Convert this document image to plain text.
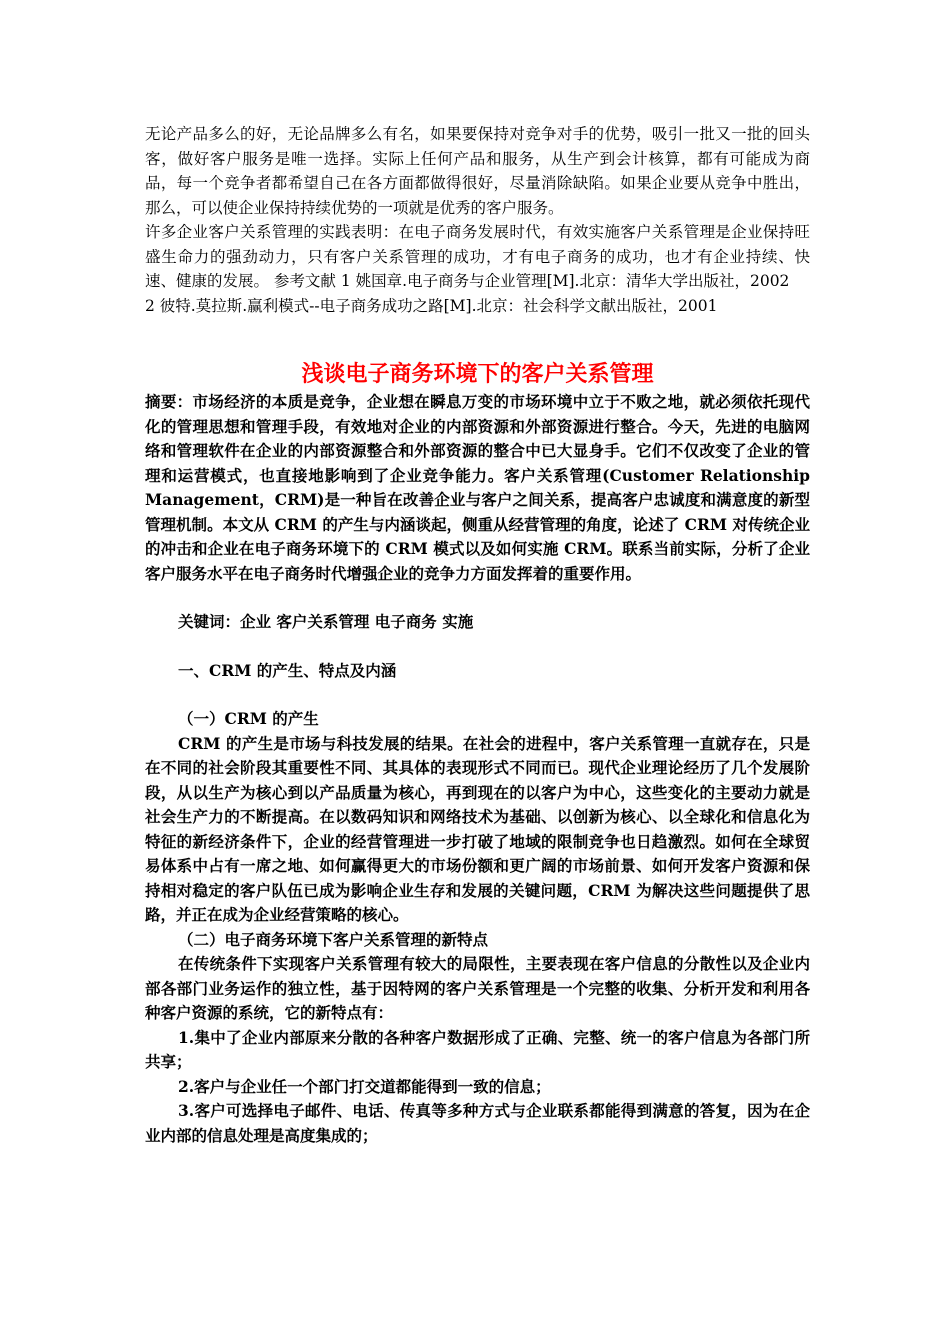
无论产品多么的好，无论品牌多么有名，如果要保持对竞争对手的优势，吸引一批又一批的回头客，做好客户服务是唯一选择。实际上任何产品和服务，从生产到会计核算，都有可能成为商品，每一个竞争者都希望自己在各方面都做得很好，尽量消除缺陷。如果企业要从竞争中胜出，那么，可以使企业保持持续优势的一项就是优秀的客户服务。

许多企业客户关系管理的实践表明：在电子商务发展时代，有效实施客户关系管理是企业保持旺盛生命力的强劲动力，只有客户关系管理的成功，才有电子商务的成功，也才有企业持续、快速、健康的发展。 参考文献 1 姚国章.电子商务与企业管理[M].北京：清华大学出版社，2002

2 彼特.莫拉斯.赢利模式--电子商务成功之路[M].北京：社会科学文献出版社，2001

浅谈电子商务环境下的客户关系管理

摘要：市场经济的本质是竞争，企业想在瞬息万变的市场环境中立于不败之地，就必须依托现代化的管理思想和管理手段，有效地对企业的内部资源和外部资源进行整合。今天，先进的电脑网络和管理软件在企业的内部资源整合和外部资源的整合中已大显身手。它们不仅改变了企业的管理和运营模式，也直接地影响到了企业竞争能力。客户关系管理(Customer Relationship Management，CRM)是一种旨在改善企业与客户之间关系，提高客户忠诚度和满意度的新型管理机制。本文从 CRM 的产生与内涵谈起，侧重从经营管理的角度，论述了 CRM 对传统企业的冲击和企业在电子商务环境下的 CRM 模式以及如何实施 CRM。联系当前实际，分析了企业客户服务水平在电子商务时代增强企业的竞争力方面发挥着的重要作用。

关键词：企业 客户关系管理 电子商务 实施

一、CRM 的产生、特点及内涵

（一）CRM 的产生

CRM 的产生是市场与科技发展的结果。在社会的进程中，客户关系管理一直就存在，只是在不同的社会阶段其重要性不同、其具体的表现形式不同而已。现代企业理论经历了几个发展阶段，从以生产为核心到以产品质量为核心，再到现在的以客户为中心，这些变化的主要动力就是社会生产力的不断提高。在以数码知识和网络技术为基础、以创新为核心、以全球化和信息化为特征的新经济条件下，企业的经营管理进一步打破了地域的限制竞争也日趋激烈。如何在全球贸易体系中占有一席之地、如何赢得更大的市场份额和更广阔的市场前景、如何开发客户资源和保持相对稳定的客户队伍已成为影响企业生存和发展的关键问题，CRM 为解决这些问题提供了思路，并正在成为企业经营策略的核心。

（二）电子商务环境下客户关系管理的新特点

在传统条件下实现客户关系管理有较大的局限性，主要表现在客户信息的分散性以及企业内部各部门业务运作的独立性，基于因特网的客户关系管理是一个完整的收集、分析开发和利用各种客户资源的系统，它的新特点有：

1.集中了企业内部原来分散的各种客户数据形成了正确、完整、统一的客户信息为各部门所共享；

2.客户与企业任一个部门打交道都能得到一致的信息；

3.客户可选择电子邮件、电话、传真等多种方式与企业联系都能得到满意的答复，因为在企业内部的信息处理是高度集成的；
